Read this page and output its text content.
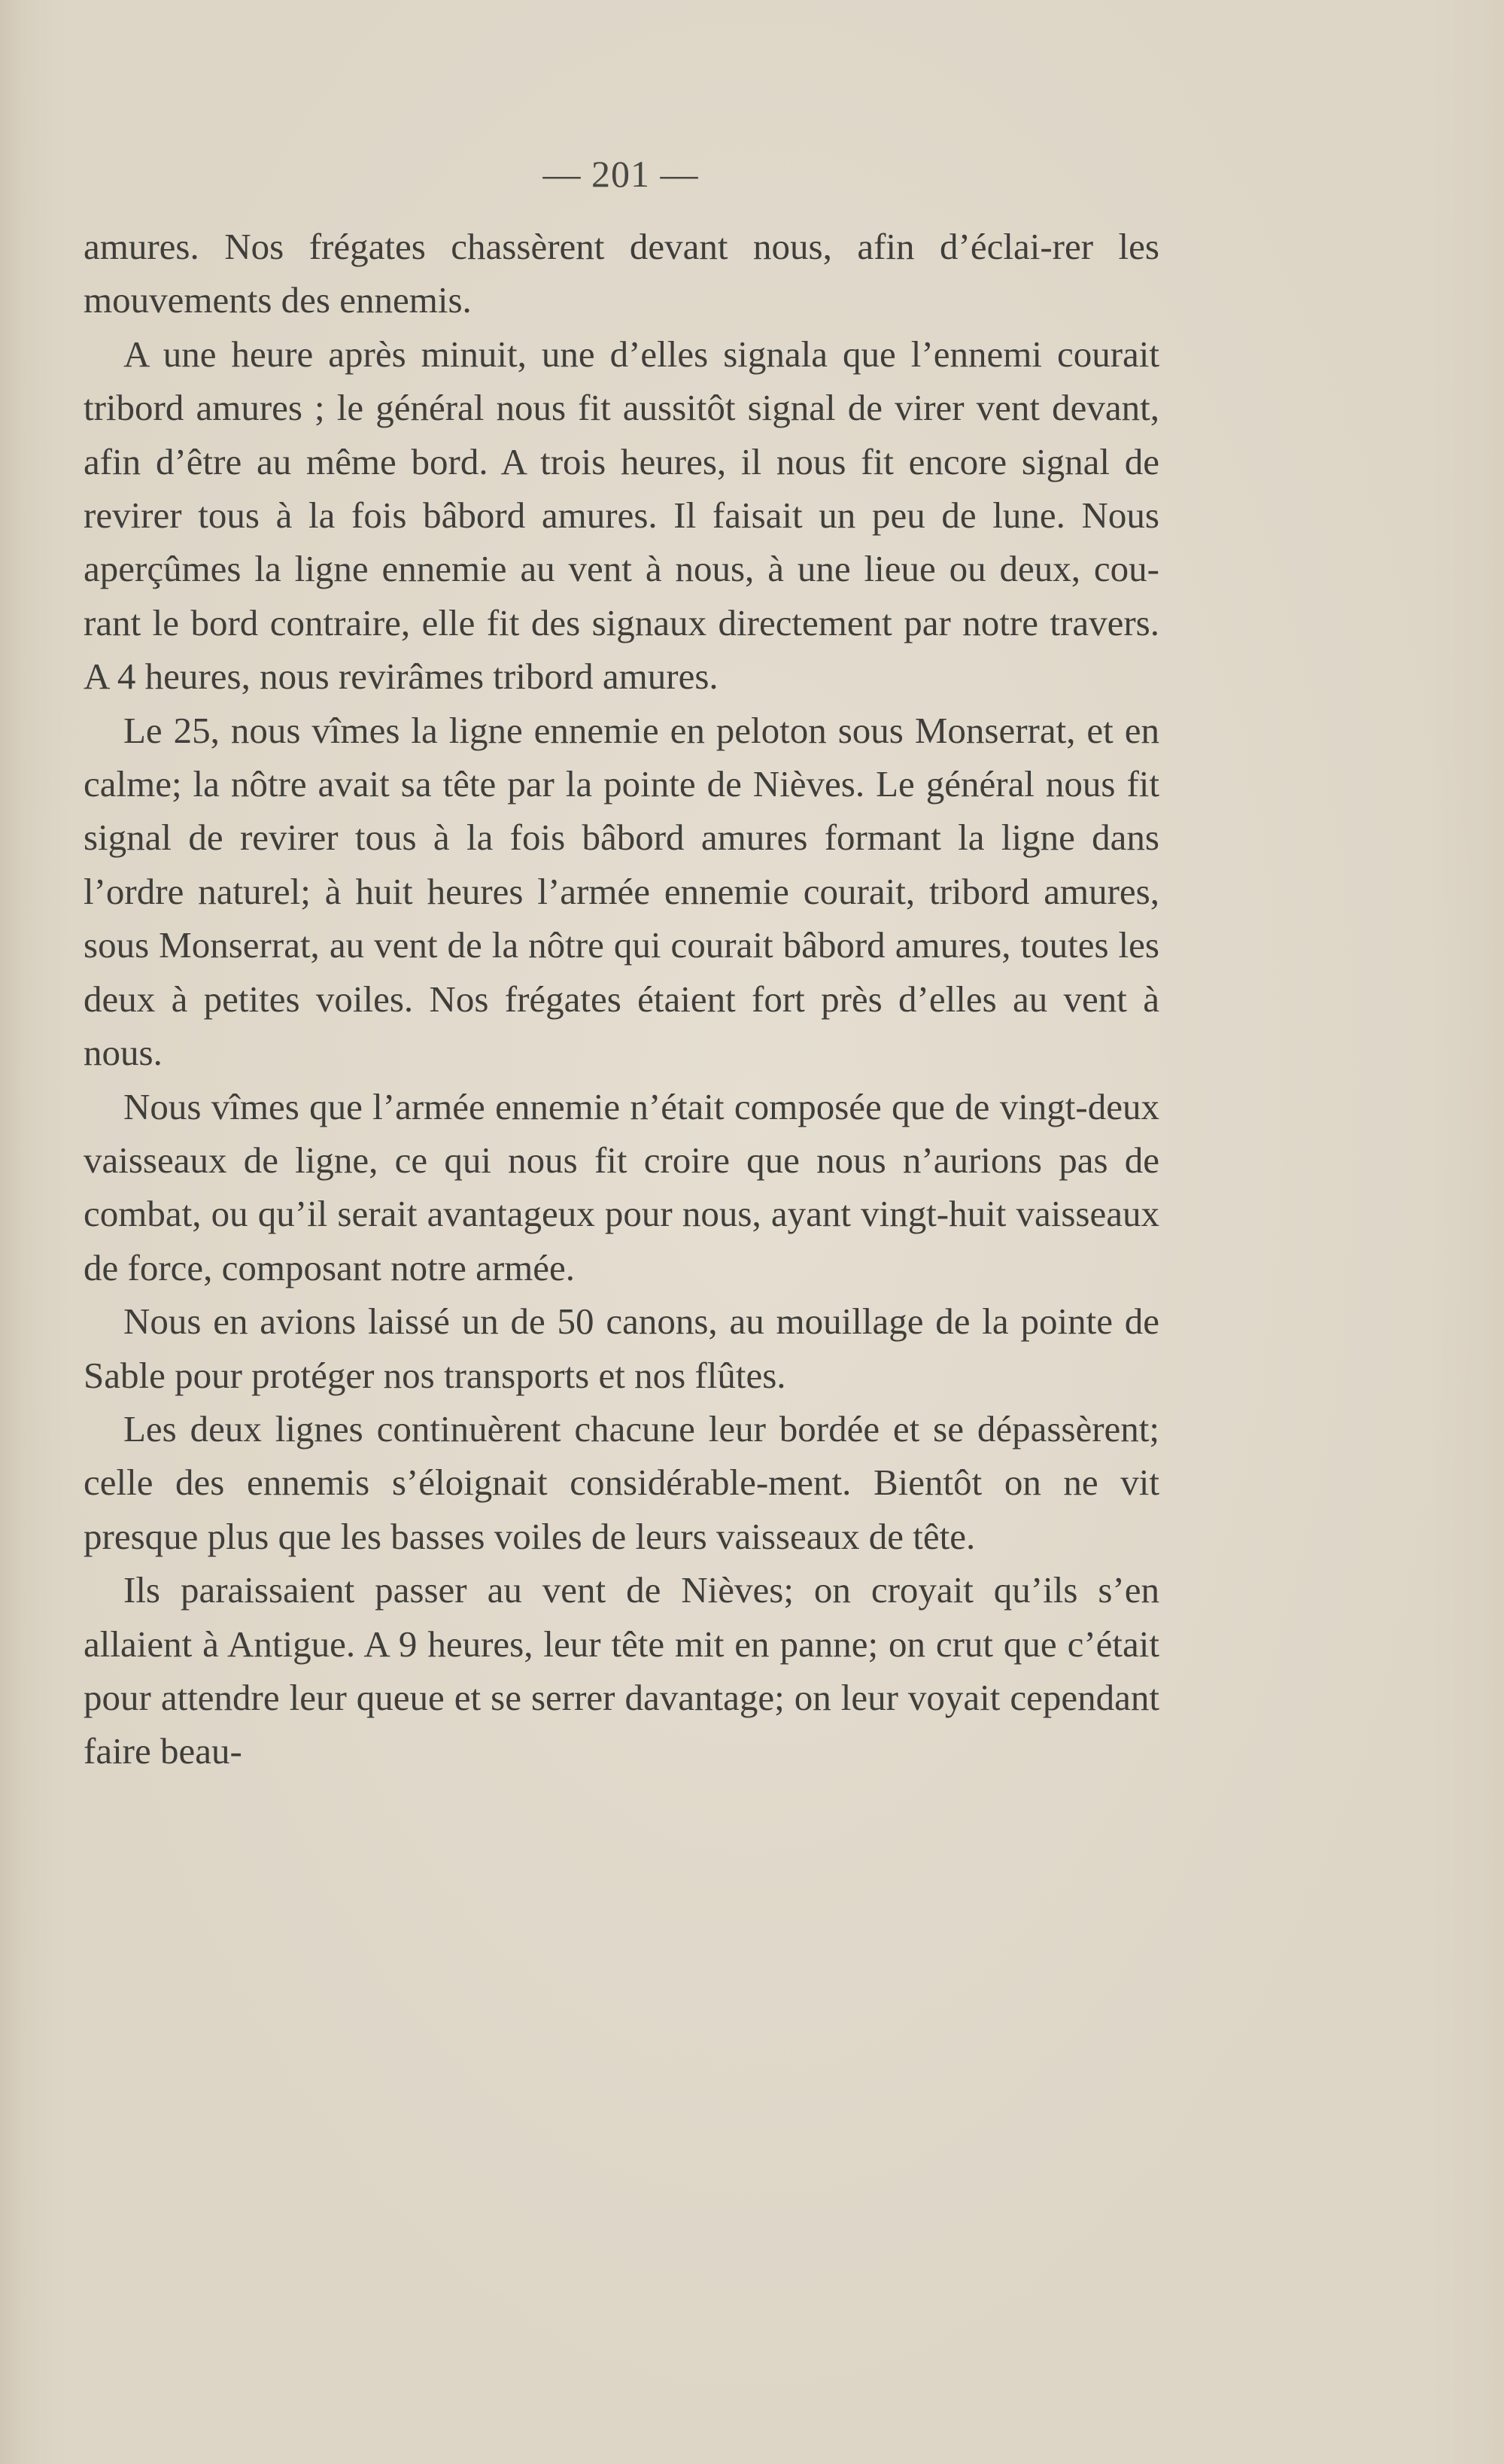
— 201 —

amures. Nos frégates chassèrent devant nous, afin d’éclai-rer les mouvements des ennemis.

A une heure après minuit, une d’elles signala que l’ennemi courait tribord amures ; le général nous fit aussitôt signal de virer vent devant, afin d’être au même bord. A trois heures, il nous fit encore signal de revirer tous à la fois bâbord amures. Il faisait un peu de lune. Nous aperçûmes la ligne ennemie au vent à nous, à une lieue ou deux, cou-rant le bord contraire, elle fit des signaux directement par notre travers. A 4 heures, nous revirâmes tribord amures.

Le 25, nous vîmes la ligne ennemie en peloton sous Monserrat, et en calme; la nôtre avait sa tête par la pointe de Nièves. Le général nous fit signal de revirer tous à la fois bâbord amures formant la ligne dans l’ordre naturel; à huit heures l’armée ennemie courait, tribord amures, sous Monserrat, au vent de la nôtre qui courait bâbord amures, toutes les deux à petites voiles. Nos frégates étaient fort près d’elles au vent à nous.

Nous vîmes que l’armée ennemie n’était composée que de vingt-deux vaisseaux de ligne, ce qui nous fit croire que nous n’aurions pas de combat, ou qu’il serait avantageux pour nous, ayant vingt-huit vaisseaux de force, composant notre armée.

Nous en avions laissé un de 50 canons, au mouillage de la pointe de Sable pour protéger nos transports et nos flûtes.

Les deux lignes continuèrent chacune leur bordée et se dépassèrent; celle des ennemis s’éloignait considérable-ment. Bientôt on ne vit presque plus que les basses voiles de leurs vaisseaux de tête.

Ils paraissaient passer au vent de Nièves; on croyait qu’ils s’en allaient à Antigue. A 9 heures, leur tête mit en panne; on crut que c’était pour attendre leur queue et se serrer davantage; on leur voyait cependant faire beau-
